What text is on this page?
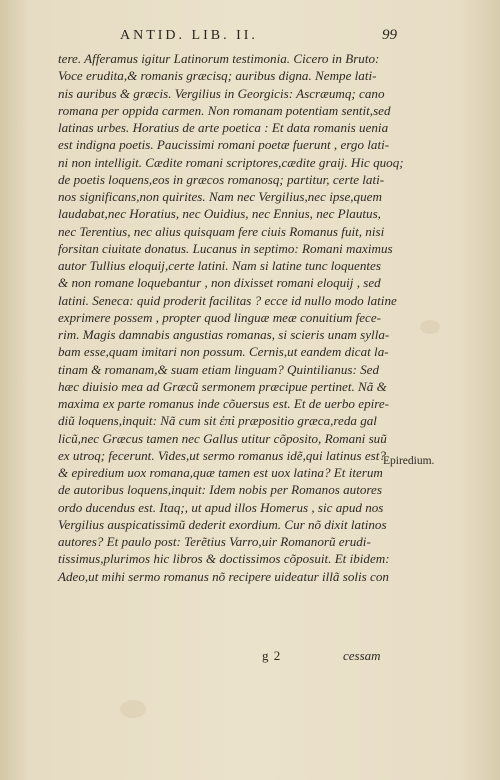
ANTID. LIB. II.	99
tere. Afferamus igitur Latinorum testimonia. Cicero in Bruto:
Voce erudita,& romanis græcisq; auribus digna. Nempe lati-
nis auribus & græcis. Vergilius in Georgicis: Ascræumq; cano
romana per oppida carmen. Non romanam potentiam sentit,sed
latinas urbes. Horatius de arte poetica : Et data romanis uenia
est indigna poetis. Paucissimi romani poetæ fuerunt , ergo lati-
ni non intelligit. Cædite romani scriptores,cædite graij. Hic quoq;
de poetis loquens,eos in græcos romanosq; partitur, certe lati-
nos significans,non quirites. Nam nec Vergilius,nec ipse,quem
laudabat,nec Horatius, nec Ouidius, nec Ennius, nec Plautus,
nec Terentius, nec alius quisquam fere ciuis Romanus fuit, nisi
forsitan ciuitate donatus. Lucanus in septimo: Romani maximus
autor Tullius eloquij,certe latini. Nam si latine tunc loquentes
& non romane loquebantur , non dixisset romani eloquij , sed
latini. Seneca: quid proderit facilitas ? ecce id nullo modo latine
exprimere possem , propter quod linguæ meæ conuitium fece-
rim. Magis damnabis angustias romanas, si scieris unam sylla-
bam esse,quam imitari non possum. Cernis,ut eandem dicat la-
tinam & romanam,& suam etiam linguam? Quintilianus: Sed
hæc diuisio mea ad Græcũ sermonem præcipue pertinet. Nã &
maxima ex parte romanus inde cõuersus est. Et de uerbo epire-
diũ loquens,inquit: Nã cum sit ἐπὶ præpositio græca,reda gal
licũ,nec Græcus tamen nec Gallus utitur cõposito, Romani suũ
ex utroq; fecerunt. Vides,ut sermo romanus idẽ,qui latinus est?
& epiredium uox romana,quæ tamen est uox latina? Et iterum
de autoribus loquens,inquit: Idem nobis per Romanos autores
ordo ducendus est. Itaq;, ut apud illos Homerus , sic apud nos
Vergilius auspicatissimũ dederit exordium. Cur nõ dixit latinos
autores? Et paulo post: Terẽtius Varro,uir Romanorũ erudi-
tissimus,plurimos hic libros & doctissimos cõposuit. Et ibidem:
Adeo,ut mihi sermo romanus nõ recipere uideatur illã solis con
Epiredium.
g 2	cessam
